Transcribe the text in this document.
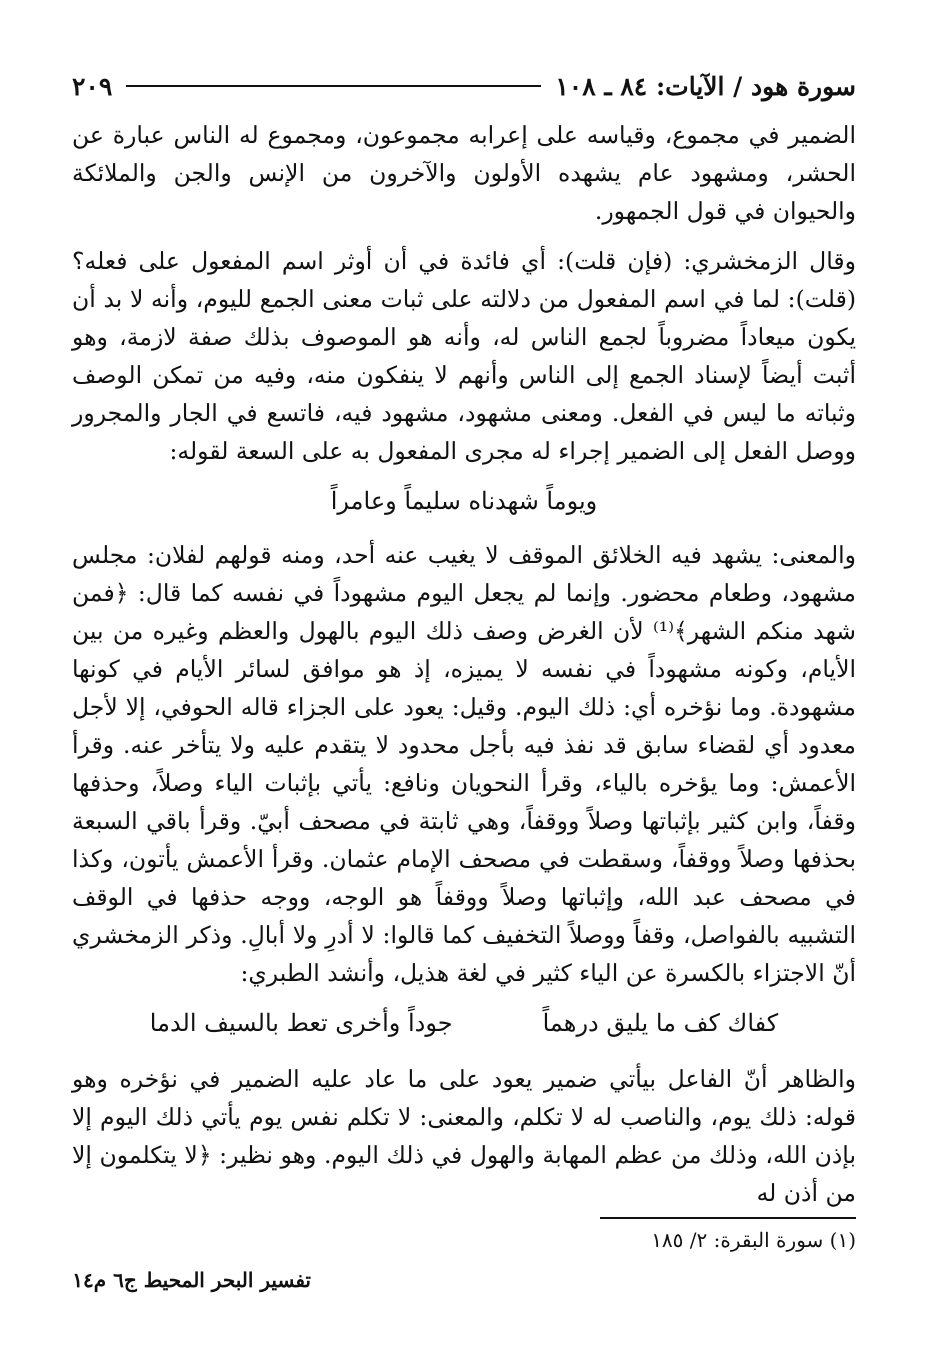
سورة هود / الآيات: ٨٤ ـ ١٠٨
٢٠٩

الضمير في مجموع، وقياسه على إعرابه مجموعون، ومجموع له الناس عبارة عن الحشر، ومشهود عام يشهده الأولون والآخرون من الإنس والجن والملائكة والحيوان في قول الجمهور.

وقال الزمخشري: (فإن قلت): أي فائدة في أن أوثر اسم المفعول على فعله؟ (قلت): لما في اسم المفعول من دلالته على ثبات معنى الجمع لليوم، وأنه لا بد أن يكون ميعاداً مضروباً لجمع الناس له، وأنه هو الموصوف بذلك صفة لازمة، وهو أثبت أيضاً لإسناد الجمع إلى الناس وأنهم لا ينفكون منه، وفيه من تمكن الوصف وثباته ما ليس في الفعل. ومعنى مشهود، مشهود فيه، فاتسع في الجار والمجرور ووصل الفعل إلى الضمير إجراء له مجرى المفعول به على السعة لقوله:

ويوماً شهدناه سليماً وعامراً

والمعنى: يشهد فيه الخلائق الموقف لا يغيب عنه أحد، ومنه قولهم لفلان: مجلس مشهود، وطعام محضور. وإنما لم يجعل اليوم مشهوداً في نفسه كما قال: ﴿فمن شهد منكم الشهر﴾⁽¹⁾ لأن الغرض وصف ذلك اليوم بالهول والعظم وغيره من بين الأيام، وكونه مشهوداً في نفسه لا يميزه، إذ هو موافق لسائر الأيام في كونها مشهودة. وما نؤخره أي: ذلك اليوم. وقيل: يعود على الجزاء قاله الحوفي، إلا لأجل معدود أي لقضاء سابق قد نفذ فيه بأجل محدود لا يتقدم عليه ولا يتأخر عنه. وقرأ الأعمش: وما يؤخره بالياء، وقرأ النحويان ونافع: يأتي بإثبات الياء وصلاً، وحذفها وقفاً، وابن كثير بإثباتها وصلاً ووقفاً، وهي ثابتة في مصحف أبيّ. وقرأ باقي السبعة بحذفها وصلاً ووقفاً، وسقطت في مصحف الإمام عثمان. وقرأ الأعمش يأتون، وكذا في مصحف عبد الله، وإثباتها وصلاً ووقفاً هو الوجه، ووجه حذفها في الوقف التشبيه بالفواصل، وقفاً ووصلاً التخفيف كما قالوا: لا أدرِ ولا أبالِ. وذكر الزمخشري أنّ الاجتزاء بالكسرة عن الياء كثير في لغة هذيل، وأنشد الطبري:

كفاك كف ما يليق درهماً
جوداً وأخرى تعط بالسيف الدما

والظاهر أنّ الفاعل بيأتي ضمير يعود على ما عاد عليه الضمير في نؤخره وهو قوله: ذلك يوم، والناصب له لا تكلم، والمعنى: لا تكلم نفس يوم يأتي ذلك اليوم إلا بإذن الله، وذلك من عظم المهابة والهول في ذلك اليوم. وهو نظير: ﴿لا يتكلمون إلا من أذن له

(١) سورة البقرة: ٢/ ١٨٥
تفسير البحر المحيط ج٦ م١٤
